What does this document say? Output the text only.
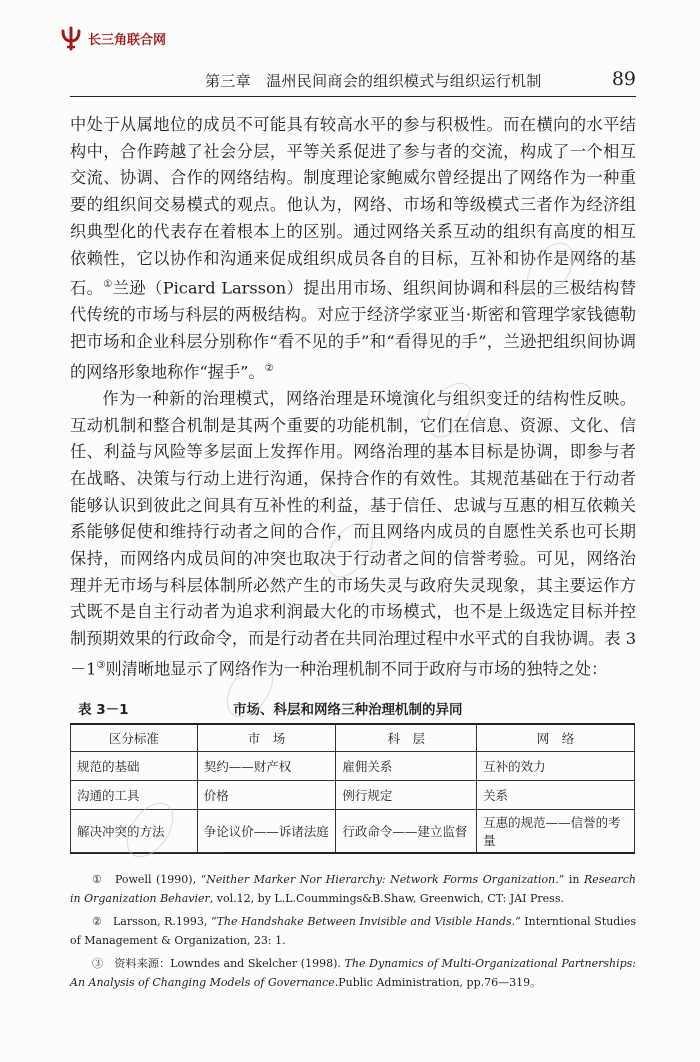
长三角联合网
第三章　温州民间商会的组织模式与组织运行机制	89

中处于从属地位的成员不可能具有较高水平的参与积极性。而在横向的水平结构中，合作跨越了社会分层，平等关系促进了参与者的交流，构成了一个相互交流、协调、合作的网络结构。制度理论家鲍威尔曾经提出了网络作为一种重要的组织间交易模式的观点。他认为，网络、市场和等级模式三者作为经济组织典型化的代表存在着根本上的区别。通过网络关系互动的组织有高度的相互依赖性，它以协作和沟通来促成组织成员各自的目标，互补和协作是网络的基石。①兰逊（Picard Larsson）提出用市场、组织间协调和科层的三极结构替代传统的市场与科层的两极结构。对应于经济学家亚当·斯密和管理学家钱德勒把市场和企业科层分别称作“看不见的手”和“看得见的手”，兰逊把组织间协调的网络形象地称作“握手”。②

作为一种新的治理模式，网络治理是环境演化与组织变迁的结构性反映。互动机制和整合机制是其两个重要的功能机制，它们在信息、资源、文化、信任、利益与风险等多层面上发挥作用。网络治理的基本目标是协调，即参与者在战略、决策与行动上进行沟通，保持合作的有效性。其规范基础在于行动者能够认识到彼此之间具有互补性的利益，基于信任、忠诚与互惠的相互依赖关系能够促使和维持行动者之间的合作，而且网络内成员的自愿性关系也可长期保持，而网络内成员间的冲突也取决于行动者之间的信誉考验。可见，网络治理并无市场与科层体制所必然产生的市场失灵与政府失灵现象，其主要运作方式既不是自主行动者为追求利润最大化的市场模式，也不是上级选定目标并控制预期效果的行政命令，而是行动者在共同治理过程中水平式的自我协调。表 3－1③则清晰地显示了网络作为一种治理机制不同于政府与市场的独特之处：

表 3－1	市场、科层和网络三种治理机制的异同
区分标准	市　场	科　层	网　络
规范的基础	契约——财产权	雇佣关系	互补的效力
沟通的工具	价格	例行规定	关系
解决冲突的方法	争论议价——诉诸法庭	行政命令——建立监督	互惠的规范——信誉的考量

①　 Powell (1990), “Neither Marker Nor Hierarchy: Network Forms Organization.” in Research in Organization Behavier, vol.12, by L.L.Coummings&B.Shaw, Greenwich, CT: JAI Press.

②　 Larsson, R.1993, “The Handshake Between Invisible and Visible Hands.” Interntional Studies of Management & Organization, 23: 1.

③　 资料来源：Lowndes and Skelcher (1998). The Dynamics of Multi-Organizational Partnerships: An Analysis of Changing Models of Governance.Public Administration, pp.76—319。
